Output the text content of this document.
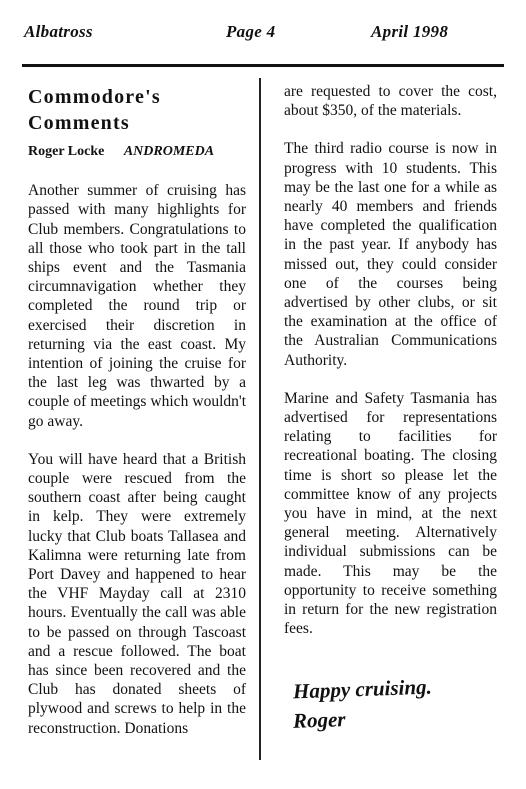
Albatross	Page 4	April 1998
Commodore's
Comments
Roger Locke ANDROMEDA

Another summer of cruising has passed with many highlights for Club members. Congratulations to all those who took part in the tall ships event and the Tasmania circumnavigation whether they completed the round trip or exercised their discretion in returning via the east coast. My intention of joining the cruise for the last leg was thwarted by a couple of meetings which wouldn't go away.

You will have heard that a British couple were rescued from the southern coast after being caught in kelp. They were extremely lucky that Club boats Tallasea and Kalimna were returning late from Port Davey and happened to hear the VHF Mayday call at 2310 hours. Eventually the call was able to be passed on through Tascoast and a rescue followed. The boat has since been recovered and the Club has donated sheets of plywood and screws to help in the reconstruction. Donations

are requested to cover the cost, about $350, of the materials.

The third radio course is now in progress with 10 students. This may be the last one for a while as nearly 40 members and friends have completed the qualification in the past year. If anybody has missed out, they could consider one of the courses being advertised by other clubs, or sit the examination at the office of the Australian Communications Authority.

Marine and Safety Tasmania has advertised for representations relating to facilities for recreational boating. The closing time is short so please let the committee know of any projects you have in mind, at the next general meeting. Alternatively individual submissions can be made. This may be the opportunity to receive something in return for the new registration fees.

Happy cruising.
Roger
